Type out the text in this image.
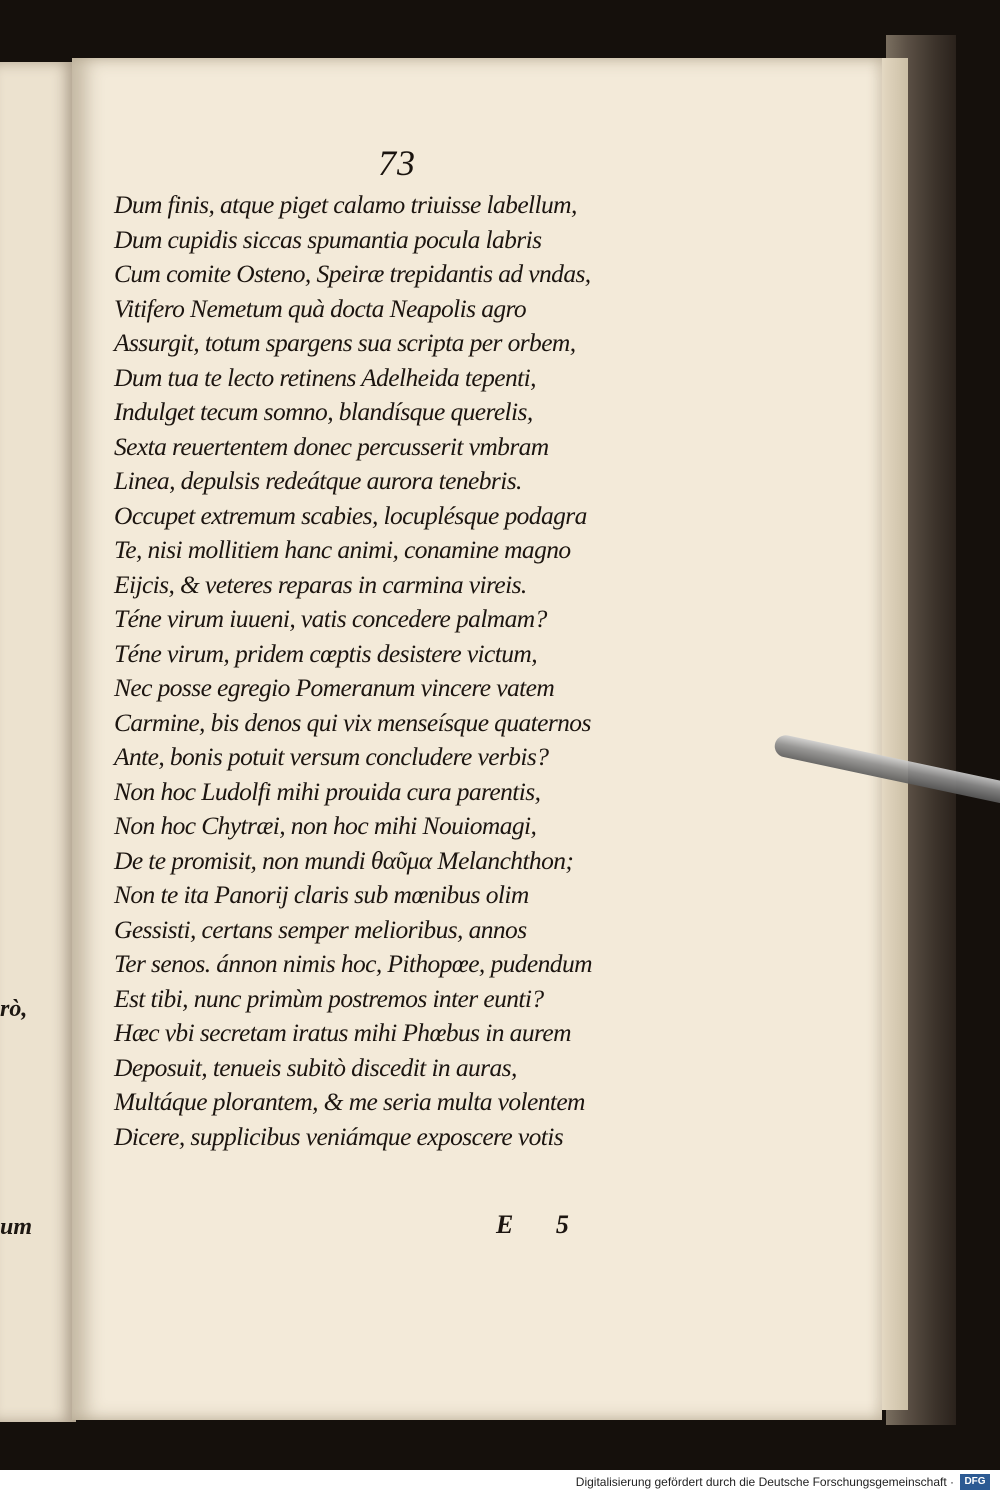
rò,
um
73
Dum finis, atque piget calamo triuisse labellum,
Dum cupidis siccas spumantia pocula labris
Cum comite Osteno, Speiræ trepidantis ad vndas,
Vitifero Nemetum quà docta Neapolis agro
Assurgit, totum spargens sua scripta per orbem,
Dum tua te lecto retinens Adelheida tepenti,
Indulget tecum somno, blandísque querelis,
Sexta reuertentem donec percusserit vmbram
Linea, depulsis redeátque aurora tenebris.
Occupet extremum scabies, locuplésque podagra
Te, nisi mollitiem hanc animi, conamine magno
Eijcis, & veteres reparas in carmina vireis.
Téne virum iuueni, vatis concedere palmam?
Téne virum, pridem cœptis desistere victum,
Nec posse egregio Pomeranum vincere vatem
Carmine, bis denos qui vix menseísque quaternos
Ante, bonis potuit versum concludere verbis?
Non hoc Ludolfi mihi prouida cura parentis,
Non hoc Chytræi, non hoc mihi Nouiomagi,
De te promisit, non mundi θαῦμα Melanchthon;
Non te ita Panorij claris sub mœnibus olim
Gessisti, certans semper melioribus, annos
Ter senos. ánnon nimis hoc, Pithopœe, pudendum
Est tibi, nunc primùm postremos inter eunti?
Hæc vbi secretam iratus mihi Phœbus in aurem
Deposuit, tenueis subitò discedit in auras,
Multáque plorantem, & me seria multa volentem
Dicere, supplicibus veniámque exposcere votis
E 5
Digitalisierung gefördert durch die Deutsche Forschungsgemeinschaft ·	DFG
